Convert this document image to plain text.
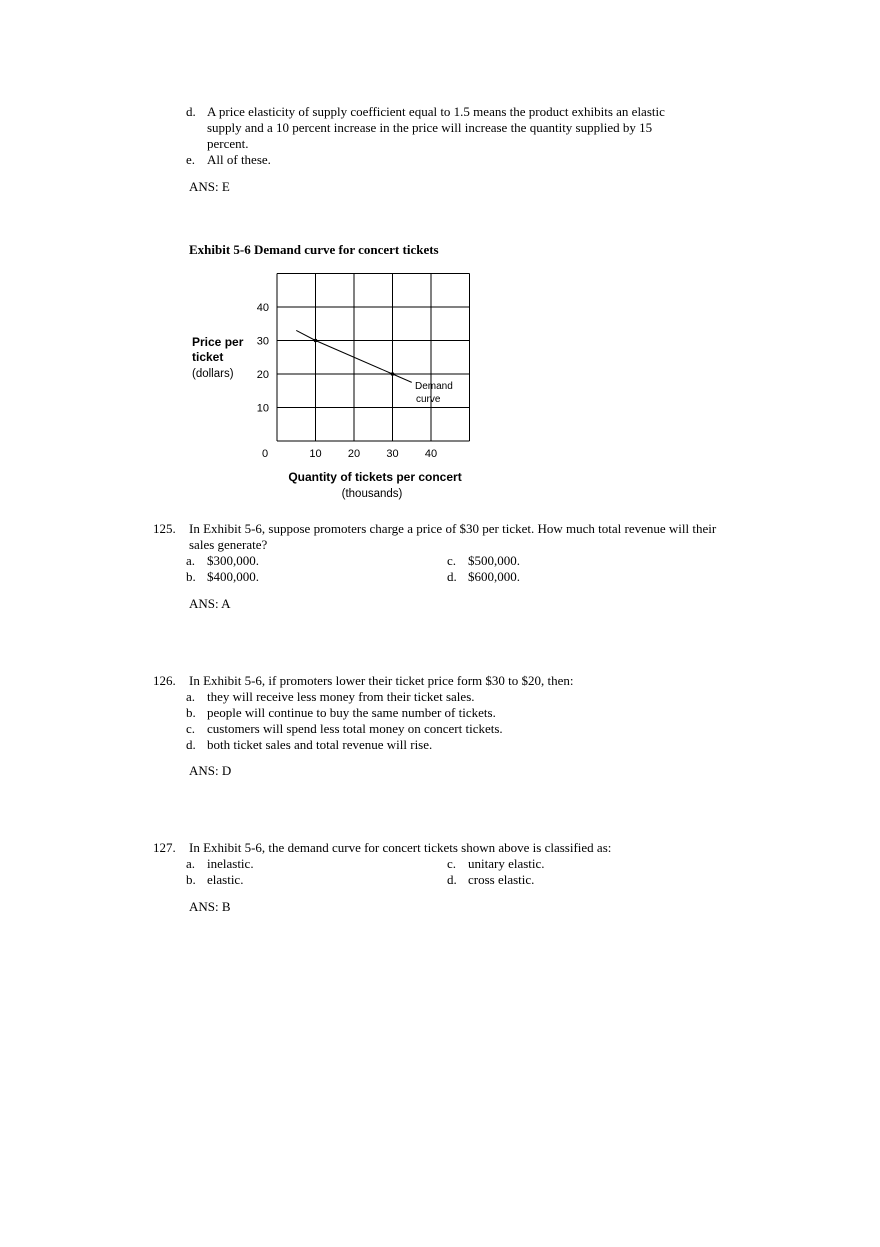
d. A price elasticity of supply coefficient equal to 1.5 means the product exhibits an elastic
supply and a 10 percent increase in the price will increase the quantity supplied by 15
percent.
e. All of these.
ANS: E
Exhibit 5-6 Demand curve for concert tickets
0	10 20 30 40
40
30
20
10
Price per
ticket
(dollars)
Quantity of tickets per concert
(thousands)
Demand
curve
125. In Exhibit 5-6, suppose promoters charge a price of $30 per ticket. How much total revenue will their
sales generate?
a. $300,000.
b. $400,000.
c. $500,000.
d. $600,000.
ANS: A
126. In Exhibit 5-6, if promoters lower their ticket price form $30 to $20, then:
a. they will receive less money from their ticket sales.
b. people will continue to buy the same number of tickets.
c. customers will spend less total money on concert tickets.
d. both ticket sales and total revenue will rise.
ANS: D
127. In Exhibit 5-6, the demand curve for concert tickets shown above is classified as:
a. inelastic.
b. elastic.
c. unitary elastic.
d. cross elastic.
ANS: B
